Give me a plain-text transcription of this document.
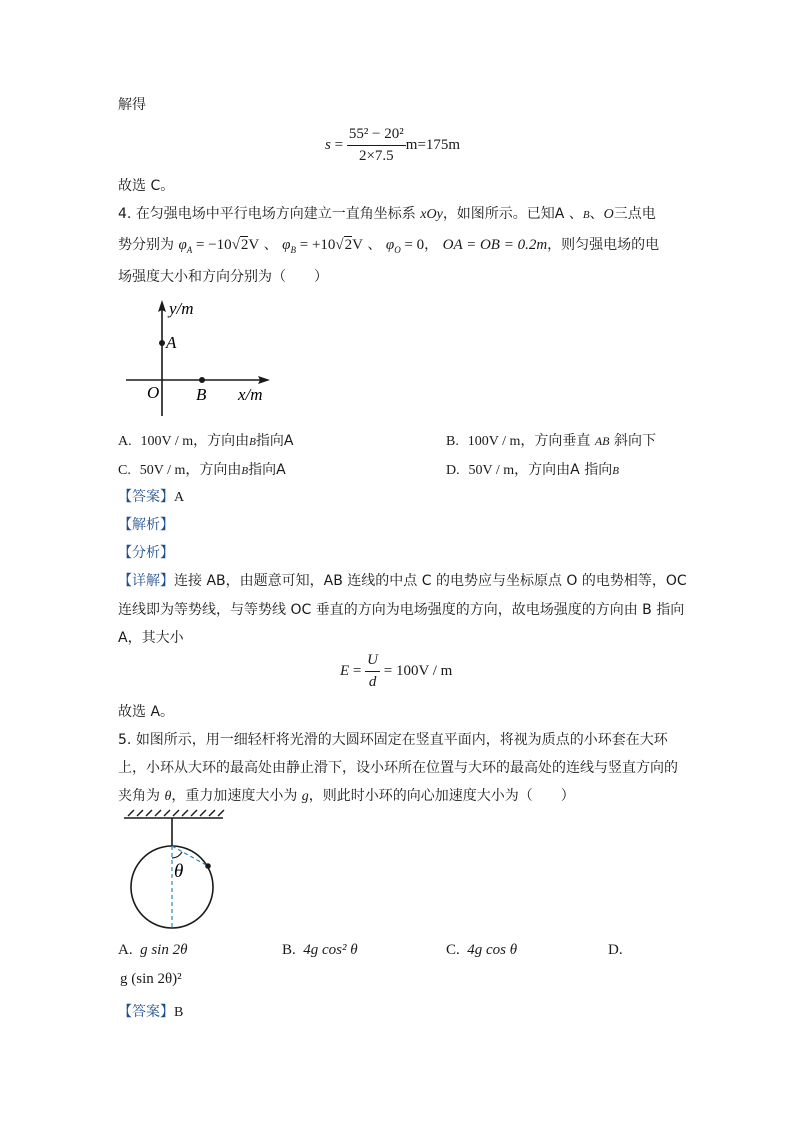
解得
$s = \frac{\text{55² − 20²}}{2\times 7.5} m=175m$
故选 C。
4. 在匀强电场中平行电场方向建立一直角坐标系 xOy，如图所示。已知A 、B、O三点电
势分别为 $\varphi_A = -10√2V$ 、 $\varphi_B = +10√2V$ 、 $\varphi_O = 0$， OA = OB = 0.2m，则匀强电场的电
场强度大小和方向分别为（　　）
y/m
A
O B x/m
A. 100V / m，方向由B指向A	B. 100V / m，方向垂直 AB 斜向下
C. 50V / m，方向由B指向A	D. 50V / m，方向由A 指向B
【答案】A
【解析】
【分析】
【详解】连接 AB，由题意可知，AB 连线的中点 C 的电势应与坐标原点 O 的电势相等，OC
连线即为等势线，与等势线 OC 垂直的方向为电场强度的方向，故电场强度的方向由 B 指向
A，其大小
$E = \frac{U}{d} = 100V / m$
故选 A。
5. 如图所示，用一细轻杆将光滑的大圆环固定在竖直平面内，将视为质点的小环套在大环
上，小环从大环的最高处由静止滑下，设小环所在位置与大环的最高处的连线与竖直方向的
夹角为 θ，重力加速度大小为 g，则此时小环的向心加速度大小为（　　）
θ
A. g sin 2θ	B. 4g cos² θ	C. 4g cos θ	D.
g (sin 2θ)²
【答案】B
